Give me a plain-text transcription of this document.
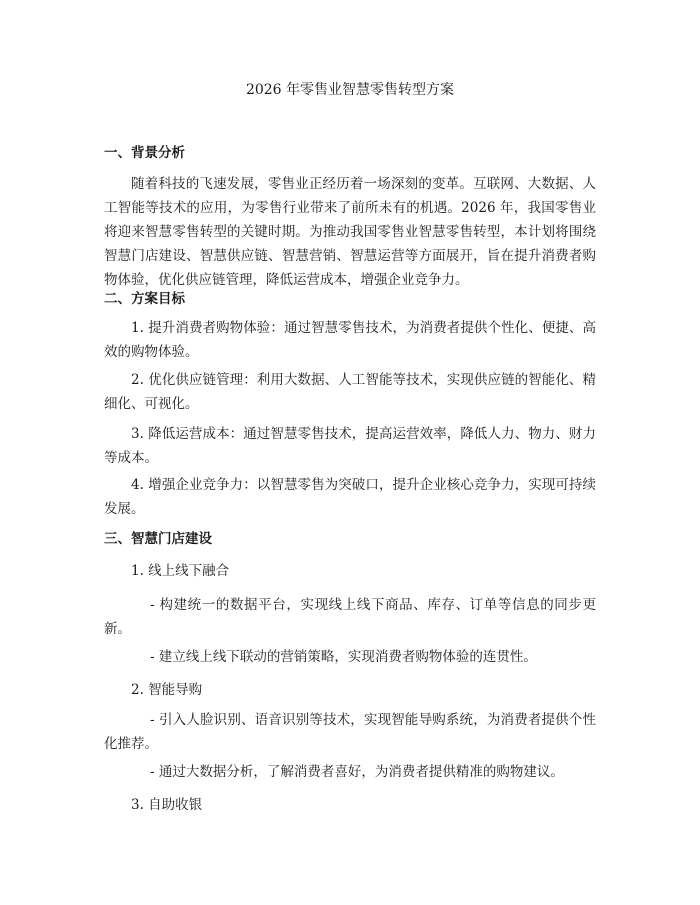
2026 年零售业智慧零售转型方案
一、背景分析
随着科技的飞速发展，零售业正经历着一场深刻的变革。互联网、大数据、人工智能等技术的应用，为零售行业带来了前所未有的机遇。2026 年，我国零售业将迎来智慧零售转型的关键时期。为推动我国零售业智慧零售转型，本计划将围绕智慧门店建设、智慧供应链、智慧营销、智慧运营等方面展开，旨在提升消费者购物体验，优化供应链管理，降低运营成本，增强企业竞争力。
二、方案目标
1. 提升消费者购物体验：通过智慧零售技术，为消费者提供个性化、便捷、高效的购物体验。
2. 优化供应链管理：利用大数据、人工智能等技术，实现供应链的智能化、精细化、可视化。
3. 降低运营成本：通过智慧零售技术，提高运营效率，降低人力、物力、财力等成本。
4. 增强企业竞争力：以智慧零售为突破口，提升企业核心竞争力，实现可持续发展。
三、智慧门店建设
1. 线上线下融合
- 构建统一的数据平台，实现线上线下商品、库存、订单等信息的同步更新。
- 建立线上线下联动的营销策略，实现消费者购物体验的连贯性。
2. 智能导购
- 引入人脸识别、语音识别等技术，实现智能导购系统，为消费者提供个性化推荐。
- 通过大数据分析，了解消费者喜好，为消费者提供精准的购物建议。
3. 自助收银
